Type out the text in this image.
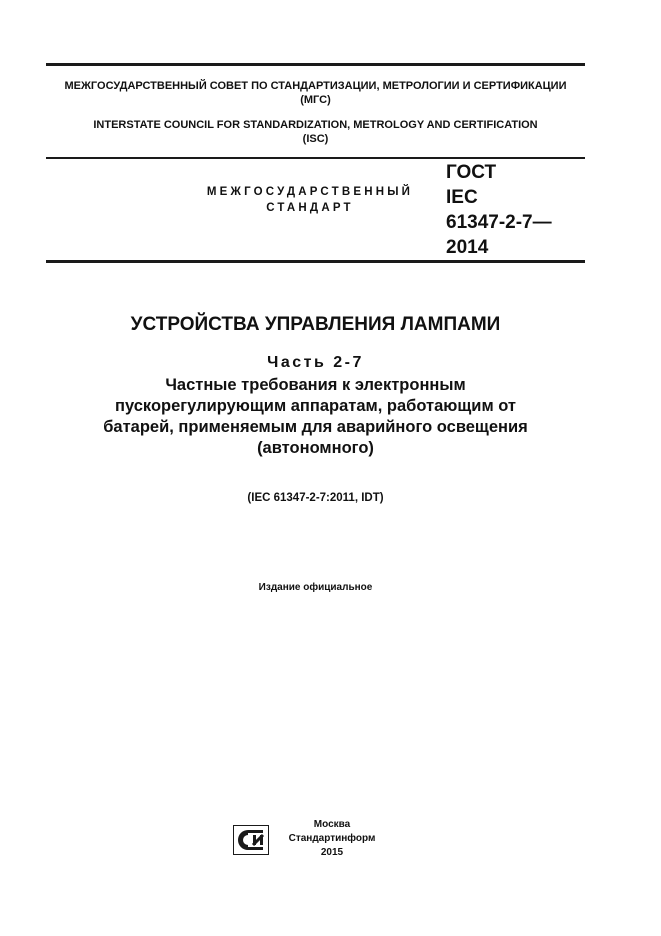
МЕЖГОСУДАРСТВЕННЫЙ СОВЕТ ПО СТАНДАРТИЗАЦИИ, МЕТРОЛОГИИ И СЕРТИФИКАЦИИ
(МГС)
INTERSTATE COUNCIL FOR STANDARDIZATION, METROLOGY AND CERTIFICATION
(ISC)
МЕЖГОСУДАРСТВЕННЫЙ
СТАНДАРТ
ГОСТ
IEC
61347-2-7—
2014
УСТРОЙСТВА УПРАВЛЕНИЯ ЛАМПАМИ
Часть 2-7
Частные требования к электронным
пускорегулирующим аппаратам, работающим от
батарей, применяемым для аварийного освещения
(автономного)
(IEC 61347-2-7:2011, IDT)
Издание официальное
Москва
Стандартинформ
2015
